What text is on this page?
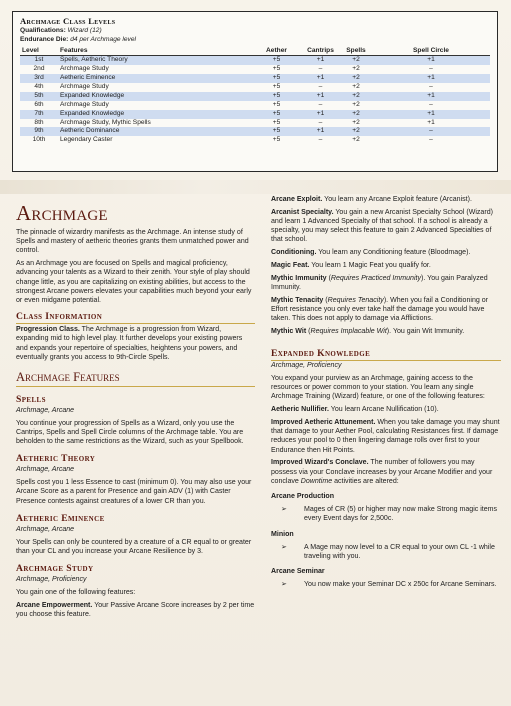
Archmage Class Levels
Qualifications: Wizard (12)
Endurance Die: d4 per Archmage level
Level	Features	Aether	Cantrips	Spells	Spell Circle
1st	Spells, Aetheric Theory	+5	+1	+2	+1
2nd	Archmage Study	+5	–	+2	–
3rd	Aetheric Eminence	+5	+1	+2	+1
4th	Archmage Study	+5	–	+2	–
5th	Expanded Knowledge	+5	+1	+2	+1
6th	Archmage Study	+5	–	+2	–
7th	Expanded Knowledge	+5	+1	+2	+1
8th	Archmage Study, Mythic Spells	+5	–	+2	+1
9th	Aetheric Dominance	+5	+1	+2	–
10th	Legendary Caster	+5	–	+2	–
Archmage

The pinnacle of wizardry manifests as the Archmage. An intense study of Spells and mastery of aetheric theories grants them unmatched power and control.

As an Archmage you are focused on Spells and magical proficiency, advancing your talents as a Wizard to their zenith. Your style of play should change little, as you are capitalizing on existing abilities, but access to the strongest Arcane powers elevates your capabilities much beyond your early or even midgame potential.

Class Information

Progression Class. The Archmage is a progression from Wizard, expanding mid to high level play. It further develops your existing powers and expands your repertoire of specialties, heightens your powers, and eventually grants you access to 9th-Circle Spells.

Archmage Features
Spells

Archmage, Arcane

You continue your progression of Spells as a Wizard, only you use the Cantrips, Spells and Spell Circle columns of the Archmage table. You are beholden to the same restrictions as the Wizard, such as your Spellbook.

Aetheric Theory

Archmage, Arcane

Spells cost you 1 less Essence to cast (minimum 0). You may also use your Arcane Score as a parent for Presence and gain ADV (1) with Caster Presence contests against creatures of a lower CR than you.

Aetheric Eminence

Archmage, Arcane

Your Spells can only be countered by a creature of a CR equal to or greater than your CL and you increase your Arcane Resilience by 3.

Archmage Study

Archmage, Proficiency

You gain one of the following features:

Arcane Empowerment. Your Passive Arcane Score increases by 2 per time you choose this feature.

Arcane Exploit. You learn any Arcane Exploit feature (Arcanist).

Arcanist Specialty. You gain a new Arcanist Specialty School (Wizard) and learn 1 Advanced Specialty of that school. If a school is already a specialty, you may select this feature to gain 2 Advanced Specialties of that school.

Conditioning. You learn any Conditioning feature (Bloodmage).

Magic Feat. You learn 1 Magic Feat you qualify for.

Mythic Immunity (Requires Practiced Immunity). You gain Paralyzed Immunity.

Mythic Tenacity (Requires Tenacity). When you fail a Conditioning or Effort resistance you only ever take half the damage you would have taken. This does not apply to damage via Afflictions.

Mythic Wit (Requires Implacable Wit). You gain Wit Immunity.

Expanded Knowledge

Archmage, Proficiency

You expand your purview as an Archmage, gaining access to the resources or power common to your station. You learn any single Archmage Training (Wizard) feature, or one of the following features:

Aetheric Nullifier. You learn Arcane Nullification (10).

Improved Aetheric Attunement. When you take damage you may shunt that damage to your Aether Pool, calculating Resistances first. If damage reduces your pool to 0 then lingering damage rolls over first to your Endurance then Hit Points.

Improved Wizard's Conclave. The number of followers you may possess via your Conclave increases by your Arcane Modifier and your conclave Downtime activities are altered:

Arcane Production
➢	Mages of CR (5) or higher may now make Strong magic items every Event days for 2,500c.
Minion
➢	A Mage may now level to a CR equal to your own CL -1 while traveling with you.
Arcane Seminar
➢	You now make your Seminar DC x 250c for Arcane Seminars.
